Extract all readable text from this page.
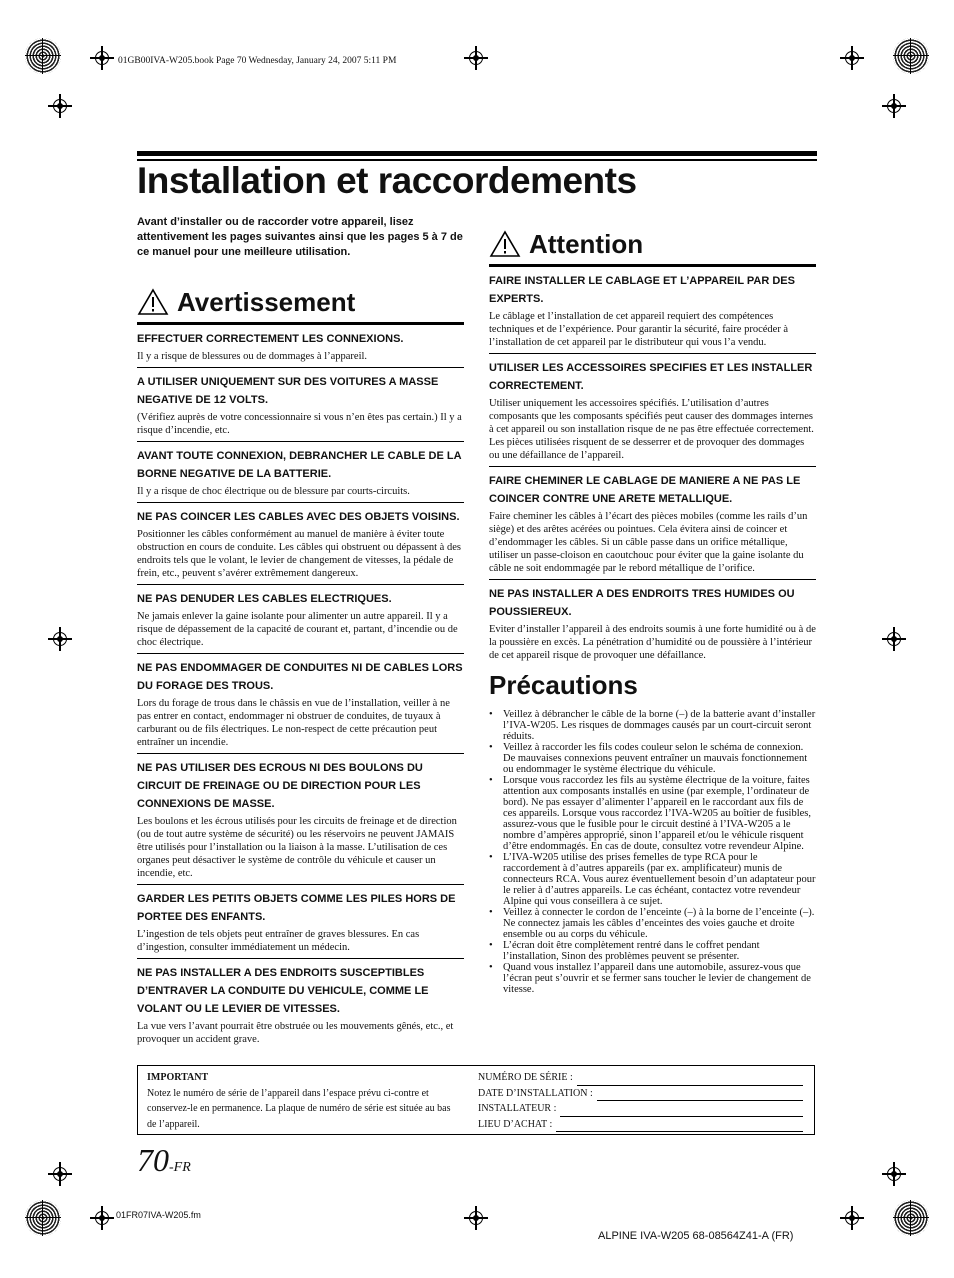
01GB00IVA-W205.book Page 70 Wednesday, January 24, 2007 5:11 PM
Installation et raccordements
Avant d’installer ou de raccorder votre appareil, lisez attentivement les pages suivantes ainsi que les pages 5 à 7 de ce manuel pour une meilleure utilisation.
Avertissement
EFFECTUER CORRECTEMENT LES CONNEXIONS.

Il y a risque de blessures ou de dommages à l’appareil.

A UTILISER UNIQUEMENT SUR DES VOITURES A MASSE NEGATIVE DE 12 VOLTS.

(Vérifiez auprès de votre concessionnaire si vous n’en êtes pas certain.) Il y a risque d’incendie, etc.

AVANT TOUTE CONNEXION, DEBRANCHER LE CABLE DE LA BORNE NEGATIVE DE LA BATTERIE.

Il y a risque de choc électrique ou de blessure par courts-circuits.

NE PAS COINCER LES CABLES AVEC DES OBJETS VOISINS.

Positionner les câbles conformément au manuel de manière à éviter toute obstruction en cours de conduite. Les câbles qui obstruent ou dépassent à des endroits tels que le volant, le levier de changement de vitesses, la pédale de frein, etc., peuvent s’avérer extrêmement dangereux.

NE PAS DENUDER LES CABLES ELECTRIQUES.

Ne jamais enlever la gaine isolante pour alimenter un autre appareil. Il y a risque de dépassement de la capacité de courant et, partant, d’incendie ou de choc électrique.

NE PAS ENDOMMAGER DE CONDUITES NI DE CABLES LORS DU FORAGE DES TROUS.

Lors du forage de trous dans le châssis en vue de l’installation, veiller à ne pas entrer en contact, endommager ni obstruer de conduites, de tuyaux à carburant ou de fils électriques. Le non-respect de cette précaution peut entraîner un incendie.

NE PAS UTILISER DES ECROUS NI DES BOULONS DU CIRCUIT DE FREINAGE OU DE DIRECTION POUR LES CONNEXIONS DE MASSE.

Les boulons et les écrous utilisés pour les circuits de freinage et de direction (ou de tout autre système de sécurité) ou les réservoirs ne peuvent JAMAIS être utilisés pour l’installation ou la liaison à la masse. L’utilisation de ces organes peut désactiver le système de contrôle du véhicule et causer un incendie, etc.

GARDER LES PETITS OBJETS COMME LES PILES HORS DE PORTEE DES ENFANTS.

L’ingestion de tels objets peut entraîner de graves blessures. En cas d’ingestion, consulter immédiatement un médecin.

NE PAS INSTALLER A DES ENDROITS SUSCEPTIBLES D’ENTRAVER LA CONDUITE DU VEHICULE, COMME LE VOLANT OU LE LEVIER DE VITESSES.

La vue vers l’avant pourrait être obstruée ou les mouvements gênés, etc., et provoquer un accident grave.

Attention
FAIRE INSTALLER LE CABLAGE ET L’APPAREIL PAR DES EXPERTS.

Le câblage et l’installation de cet appareil requiert des compétences techniques et de l’expérience. Pour garantir la sécurité, faire procéder à l’installation de cet appareil par le distributeur qui vous l’a vendu.

UTILISER LES ACCESSOIRES SPECIFIES ET LES INSTALLER CORRECTEMENT.

Utiliser uniquement les accessoires spécifiés. L’utilisation d’autres composants que les composants spécifiés peut causer des dommages internes à cet appareil ou son installation risque de ne pas être effectuée correctement. Les pièces utilisées risquent de se desserrer et de provoquer des dommages ou une défaillance de l’appareil.

FAIRE CHEMINER LE CABLAGE DE MANIERE A NE PAS LE COINCER CONTRE UNE ARETE METALLIQUE.

Faire cheminer les câbles à l’écart des pièces mobiles (comme les rails d’un siège) et des arêtes acérées ou pointues. Cela évitera ainsi de coincer et d’endommager les câbles. Si un câble passe dans un orifice métallique, utiliser un passe-cloison en caoutchouc pour éviter que la gaine isolante du câble ne soit endommagée par le rebord métallique de l’orifice.

NE PAS INSTALLER A DES ENDROITS TRES HUMIDES OU POUSSIEREUX.

Eviter d’installer l’appareil à des endroits soumis à une forte humidité ou à de la poussière en excès. La pénétration d’humidité ou de poussière à l’intérieur de cet appareil risque de provoquer une défaillance.

Précautions
• Veillez à débrancher le câble de la borne (–) de la batterie avant d’installer l’IVA-W205. Les risques de dommages causés par un court-circuit seront réduits.
• Veillez à raccorder les fils codes couleur selon le schéma de connexion. De mauvaises connexions peuvent entraîner un mauvais fonctionnement ou endommager le système électrique du véhicule.
• Lorsque vous raccordez les fils au système électrique de la voiture, faites attention aux composants installés en usine (par exemple, l’ordinateur de bord). Ne pas essayer d’alimenter l’appareil en le raccordant aux fils de ces appareils. Lorsque vous raccordez l’IVA-W205 au boîtier de fusibles, assurez-vous que le fusible pour le circuit destiné à l’IVA-W205 a le nombre d’ampères approprié, sinon l’appareil et/ou le véhicule risquent d’être endommagés. En cas de doute, consultez votre revendeur Alpine.
• L’IVA-W205 utilise des prises femelles de type RCA pour le raccordement à d’autres appareils (par ex. amplificateur) munis de connecteurs RCA. Vous aurez éventuellement besoin d’un adaptateur pour le relier à d’autres appareils. Le cas échéant, contactez votre revendeur Alpine qui vous conseillera à ce sujet.
• Veillez à connecter le cordon de l’enceinte (–) à la borne de l’enceinte (–). Ne connectez jamais les câbles d’enceintes des voies gauche et droite ensemble ou au corps du véhicule.
• L’écran doit être complètement rentré dans le coffret pendant l’installation, Sinon des problèmes peuvent se présenter.
• Quand vous installez l’appareil dans une automobile, assurez-vous que l’écran peut s’ouvrir et se fermer sans toucher le levier de changement de vitesse.
IMPORTANT
Notez le numéro de série de l’appareil dans l’espace prévu ci-contre et conservez-le en permanence. La plaque de numéro de série est située au bas de l’appareil.
NUMÉRO DE SÉRIE :
DATE D’INSTALLATION :
INSTALLATEUR :
LIEU D’ACHAT :
70-FR
01FR07IVA-W205.fm
ALPINE IVA-W205 68-08564Z41-A (FR)
